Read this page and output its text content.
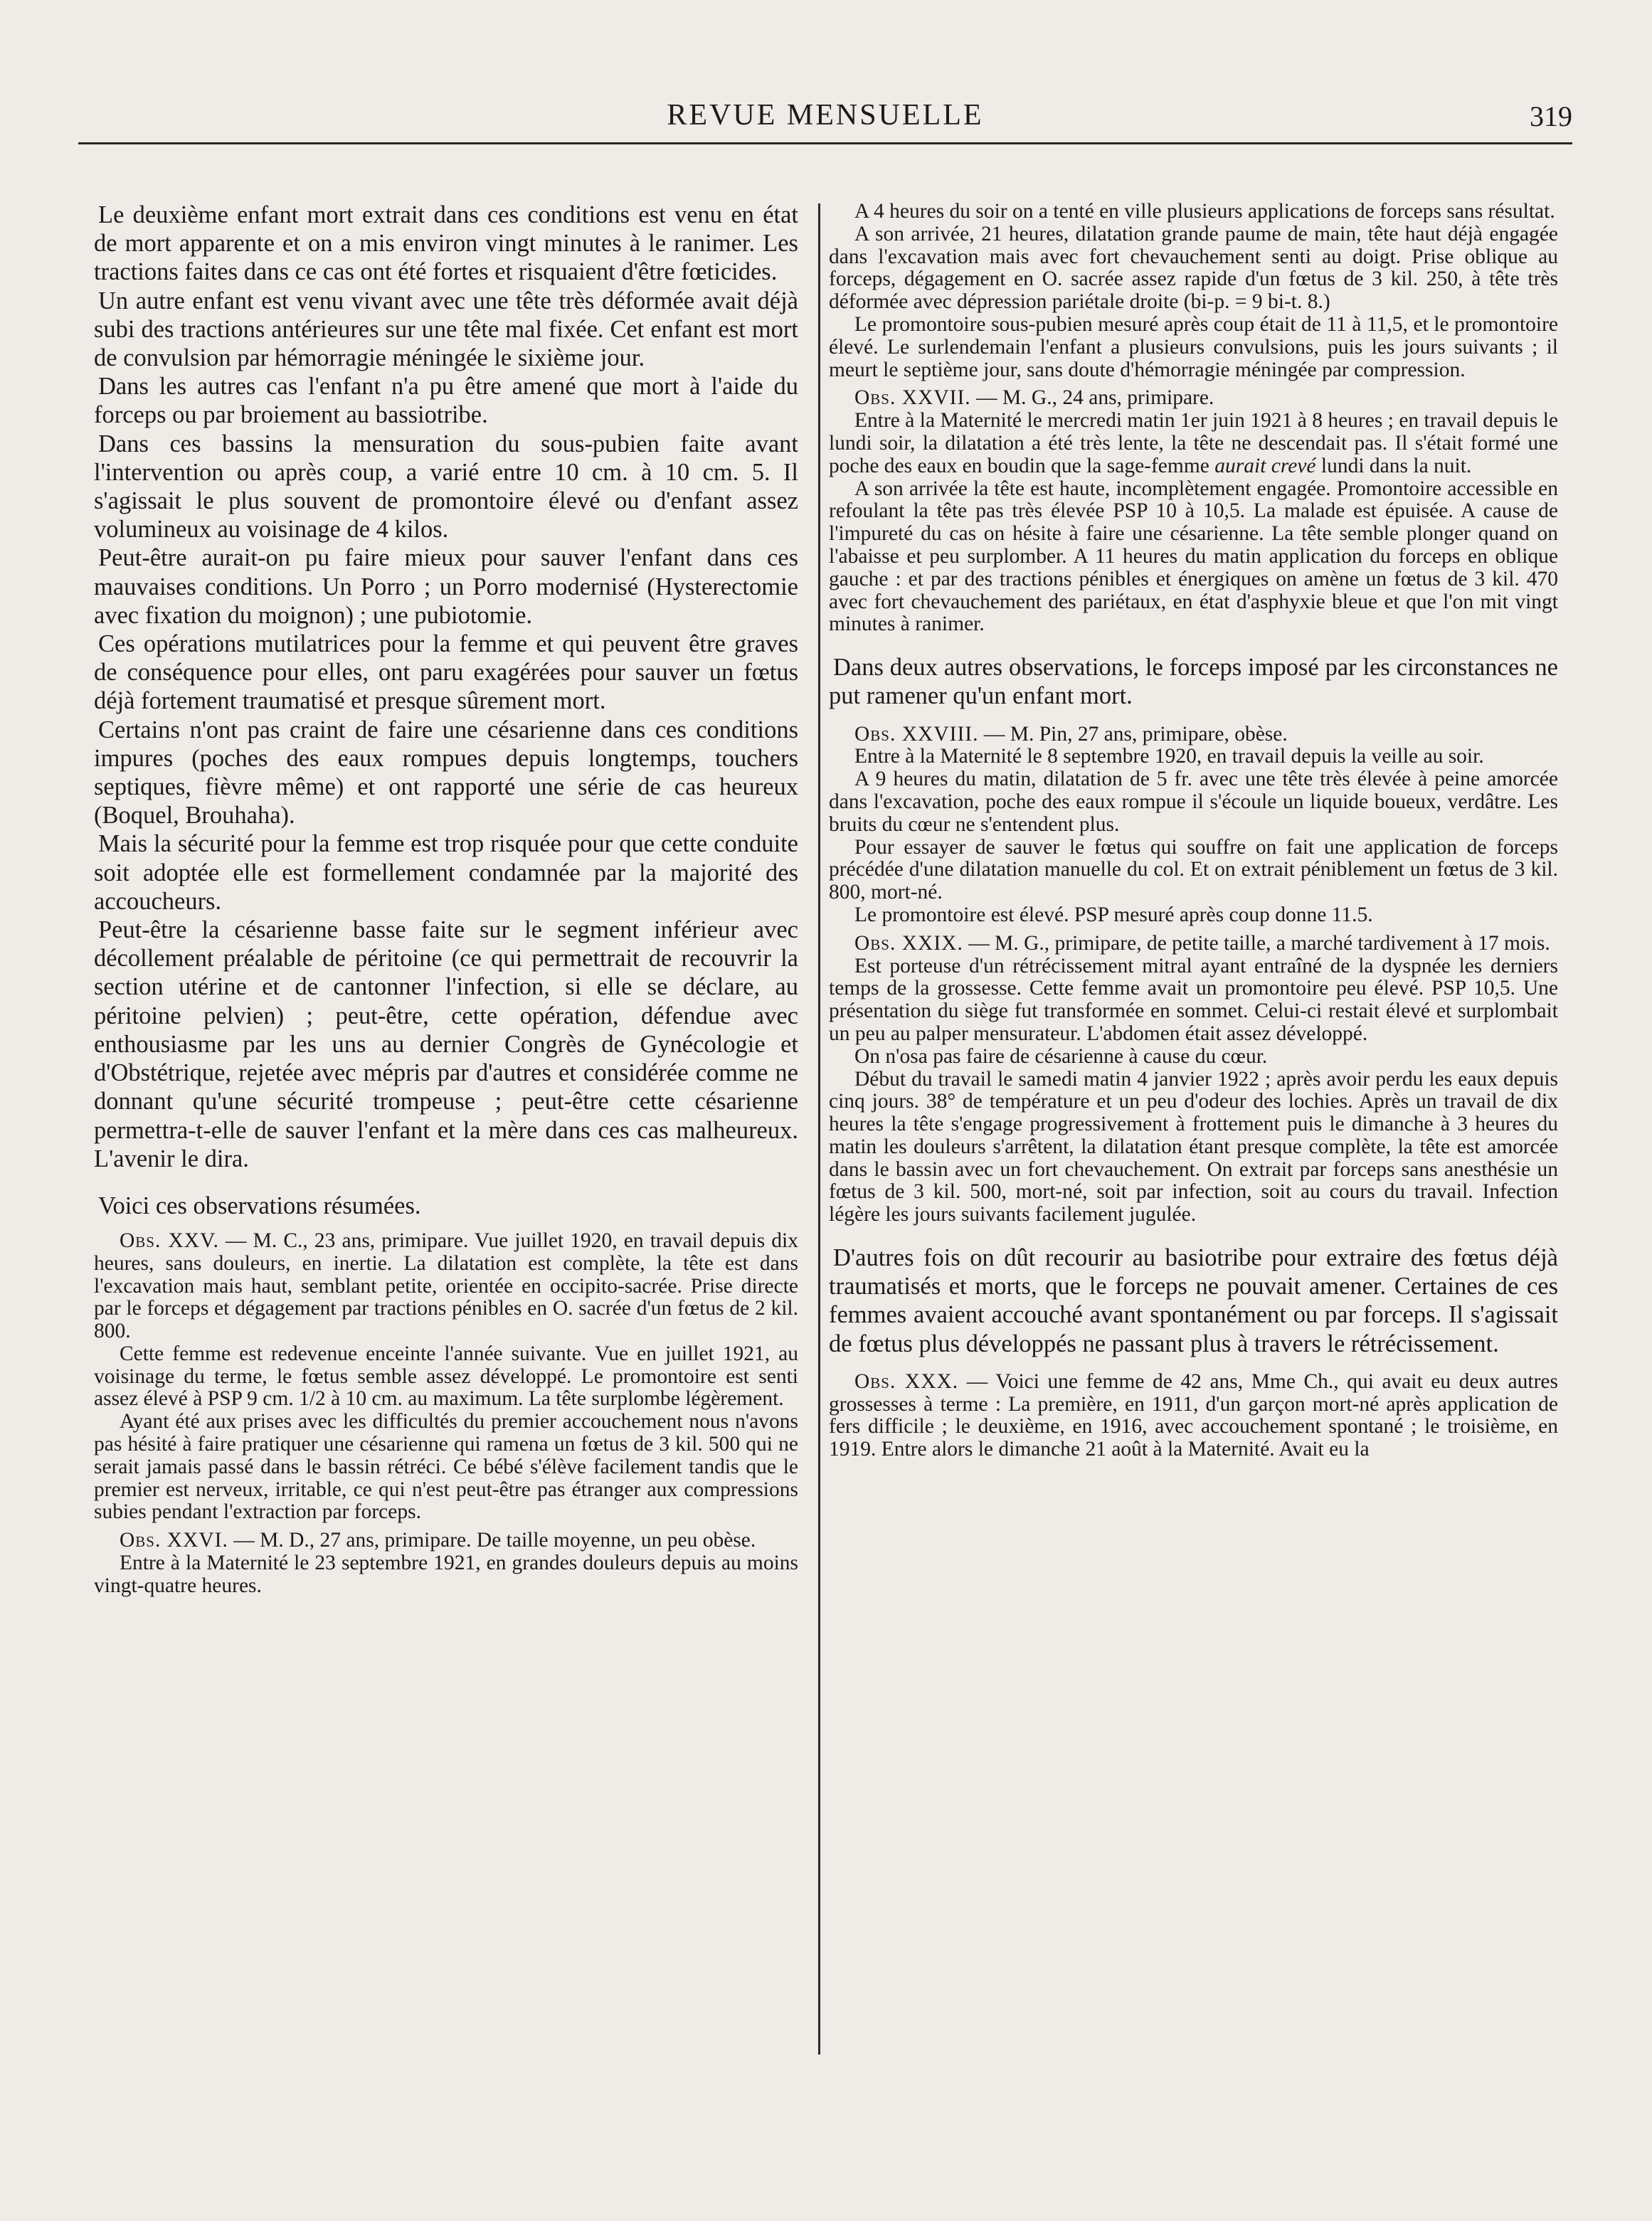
REVUE MENSUELLE	319

Le deuxième enfant mort extrait dans ces conditions est venu en état de mort apparente et on a mis environ vingt minutes à le ranimer. Les tractions faites dans ce cas ont été fortes et risquaient d'être fœticides.

Un autre enfant est venu vivant avec une tête très déformée avait déjà subi des tractions antérieures sur une tête mal fixée. Cet enfant est mort de convulsion par hémorragie méningée le sixième jour.

Dans les autres cas l'enfant n'a pu être amené que mort à l'aide du forceps ou par broiement au bassiotribe.

Dans ces bassins la mensuration du sous-pubien faite avant l'intervention ou après coup, a varié entre 10 cm. à 10 cm. 5. Il s'agissait le plus souvent de promontoire élevé ou d'enfant assez volumineux au voisinage de 4 kilos.

Peut-être aurait-on pu faire mieux pour sauver l'enfant dans ces mauvaises conditions. Un Porro ; un Porro modernisé (Hysterectomie avec fixation du moignon) ; une pubiotomie.

Ces opérations mutilatrices pour la femme et qui peuvent être graves de conséquence pour elles, ont paru exagérées pour sauver un fœtus déjà fortement traumatisé et presque sûrement mort.

Certains n'ont pas craint de faire une césarienne dans ces conditions impures (poches des eaux rompues depuis longtemps, touchers septiques, fièvre même) et ont rapporté une série de cas heureux (Boquel, Brouhaha).

Mais la sécurité pour la femme est trop risquée pour que cette conduite soit adoptée elle est formellement condamnée par la majorité des accoucheurs.

Peut-être la césarienne basse faite sur le segment inférieur avec décollement préalable de péritoine (ce qui permettrait de recouvrir la section utérine et de cantonner l'infection, si elle se déclare, au péritoine pelvien) ; peut-être, cette opération, défendue avec enthousiasme par les uns au dernier Congrès de Gynécologie et d'Obstétrique, rejetée avec mépris par d'autres et considérée comme ne donnant qu'une sécurité trompeuse ; peut-être cette césarienne permettra-t-elle de sauver l'enfant et la mère dans ces cas malheureux. L'avenir le dira.

Voici ces observations résumées.

Obs. XXV. — M. C., 23 ans, primipare. Vue juillet 1920, en travail depuis dix heures, sans douleurs, en inertie. La dilatation est complète, la tête est dans l'excavation mais haut, semblant petite, orientée en occipito-sacrée. Prise directe par le forceps et dégagement par tractions pénibles en O. sacrée d'un fœtus de 2 kil. 800.

Cette femme est redevenue enceinte l'année suivante. Vue en juillet 1921, au voisinage du terme, le fœtus semble assez développé. Le promontoire est senti assez élevé à PSP 9 cm. 1/2 à 10 cm. au maximum. La tête surplombe légèrement.

Ayant été aux prises avec les difficultés du premier accouchement nous n'avons pas hésité à faire pratiquer une césarienne qui ramena un fœtus de 3 kil. 500 qui ne serait jamais passé dans le bassin rétréci. Ce bébé s'élève facilement tandis que le premier est nerveux, irritable, ce qui n'est peut-être pas étranger aux compressions subies pendant l'extraction par forceps.

Obs. XXVI. — M. D., 27 ans, primipare. De taille moyenne, un peu obèse.

Entre à la Maternité le 23 septembre 1921, en grandes douleurs depuis au moins vingt-quatre heures.

A 4 heures du soir on a tenté en ville plusieurs applications de forceps sans résultat.

A son arrivée, 21 heures, dilatation grande paume de main, tête haut déjà engagée dans l'excavation mais avec fort chevauchement senti au doigt. Prise oblique au forceps, dégagement en O. sacrée assez rapide d'un fœtus de 3 kil. 250, à tête très déformée avec dépression pariétale droite (bi-p. = 9 bi-t. 8.)

Le promontoire sous-pubien mesuré après coup était de 11 à 11,5, et le promontoire élevé. Le surlendemain l'enfant a plusieurs convulsions, puis les jours suivants ; il meurt le septième jour, sans doute d'hémorragie méningée par compression.

Obs. XXVII. — M. G., 24 ans, primipare.

Entre à la Maternité le mercredi matin 1er juin 1921 à 8 heures ; en travail depuis le lundi soir, la dilatation a été très lente, la tête ne descendait pas. Il s'était formé une poche des eaux en boudin que la sage-femme aurait crevé lundi dans la nuit.

A son arrivée la tête est haute, incomplètement engagée. Promontoire accessible en refoulant la tête pas très élevée PSP 10 à 10,5. La malade est épuisée. A cause de l'impureté du cas on hésite à faire une césarienne. La tête semble plonger quand on l'abaisse et peu surplomber. A 11 heures du matin application du forceps en oblique gauche : et par des tractions pénibles et énergiques on amène un fœtus de 3 kil. 470 avec fort chevauchement des pariétaux, en état d'asphyxie bleue et que l'on mit vingt minutes à ranimer.

Dans deux autres observations, le forceps imposé par les circonstances ne put ramener qu'un enfant mort.

Obs. XXVIII. — M. Pin, 27 ans, primipare, obèse.

Entre à la Maternité le 8 septembre 1920, en travail depuis la veille au soir.

A 9 heures du matin, dilatation de 5 fr. avec une tête très élevée à peine amorcée dans l'excavation, poche des eaux rompue il s'écoule un liquide boueux, verdâtre. Les bruits du cœur ne s'entendent plus.

Pour essayer de sauver le fœtus qui souffre on fait une application de forceps précédée d'une dilatation manuelle du col. Et on extrait péniblement un fœtus de 3 kil. 800, mort-né.

Le promontoire est élevé. PSP mesuré après coup donne 11.5.

Obs. XXIX. — M. G., primipare, de petite taille, a marché tardivement à 17 mois.

Est porteuse d'un rétrécissement mitral ayant entraîné de la dyspnée les derniers temps de la grossesse. Cette femme avait un promontoire peu élevé. PSP 10,5. Une présentation du siège fut transformée en sommet. Celui-ci restait élevé et surplombait un peu au palper mensurateur. L'abdomen était assez développé.

On n'osa pas faire de césarienne à cause du cœur.

Début du travail le samedi matin 4 janvier 1922 ; après avoir perdu les eaux depuis cinq jours. 38° de température et un peu d'odeur des lochies. Après un travail de dix heures la tête s'engage progressivement à frottement puis le dimanche à 3 heures du matin les douleurs s'arrêtent, la dilatation étant presque complète, la tête est amorcée dans le bassin avec un fort chevauchement. On extrait par forceps sans anesthésie un fœtus de 3 kil. 500, mort-né, soit par infection, soit au cours du travail. Infection légère les jours suivants facilement jugulée.

D'autres fois on dût recourir au basiotribe pour extraire des fœtus déjà traumatisés et morts, que le forceps ne pouvait amener. Certaines de ces femmes avaient accouché avant spontanément ou par forceps. Il s'agissait de fœtus plus développés ne passant plus à travers le rétrécissement.

Obs. XXX. — Voici une femme de 42 ans, Mme Ch., qui avait eu deux autres grossesses à terme : La première, en 1911, d'un garçon mort-né après application de fers difficile ; le deuxième, en 1916, avec accouchement spontané ; le troisième, en 1919. Entre alors le dimanche 21 août à la Maternité. Avait eu la
